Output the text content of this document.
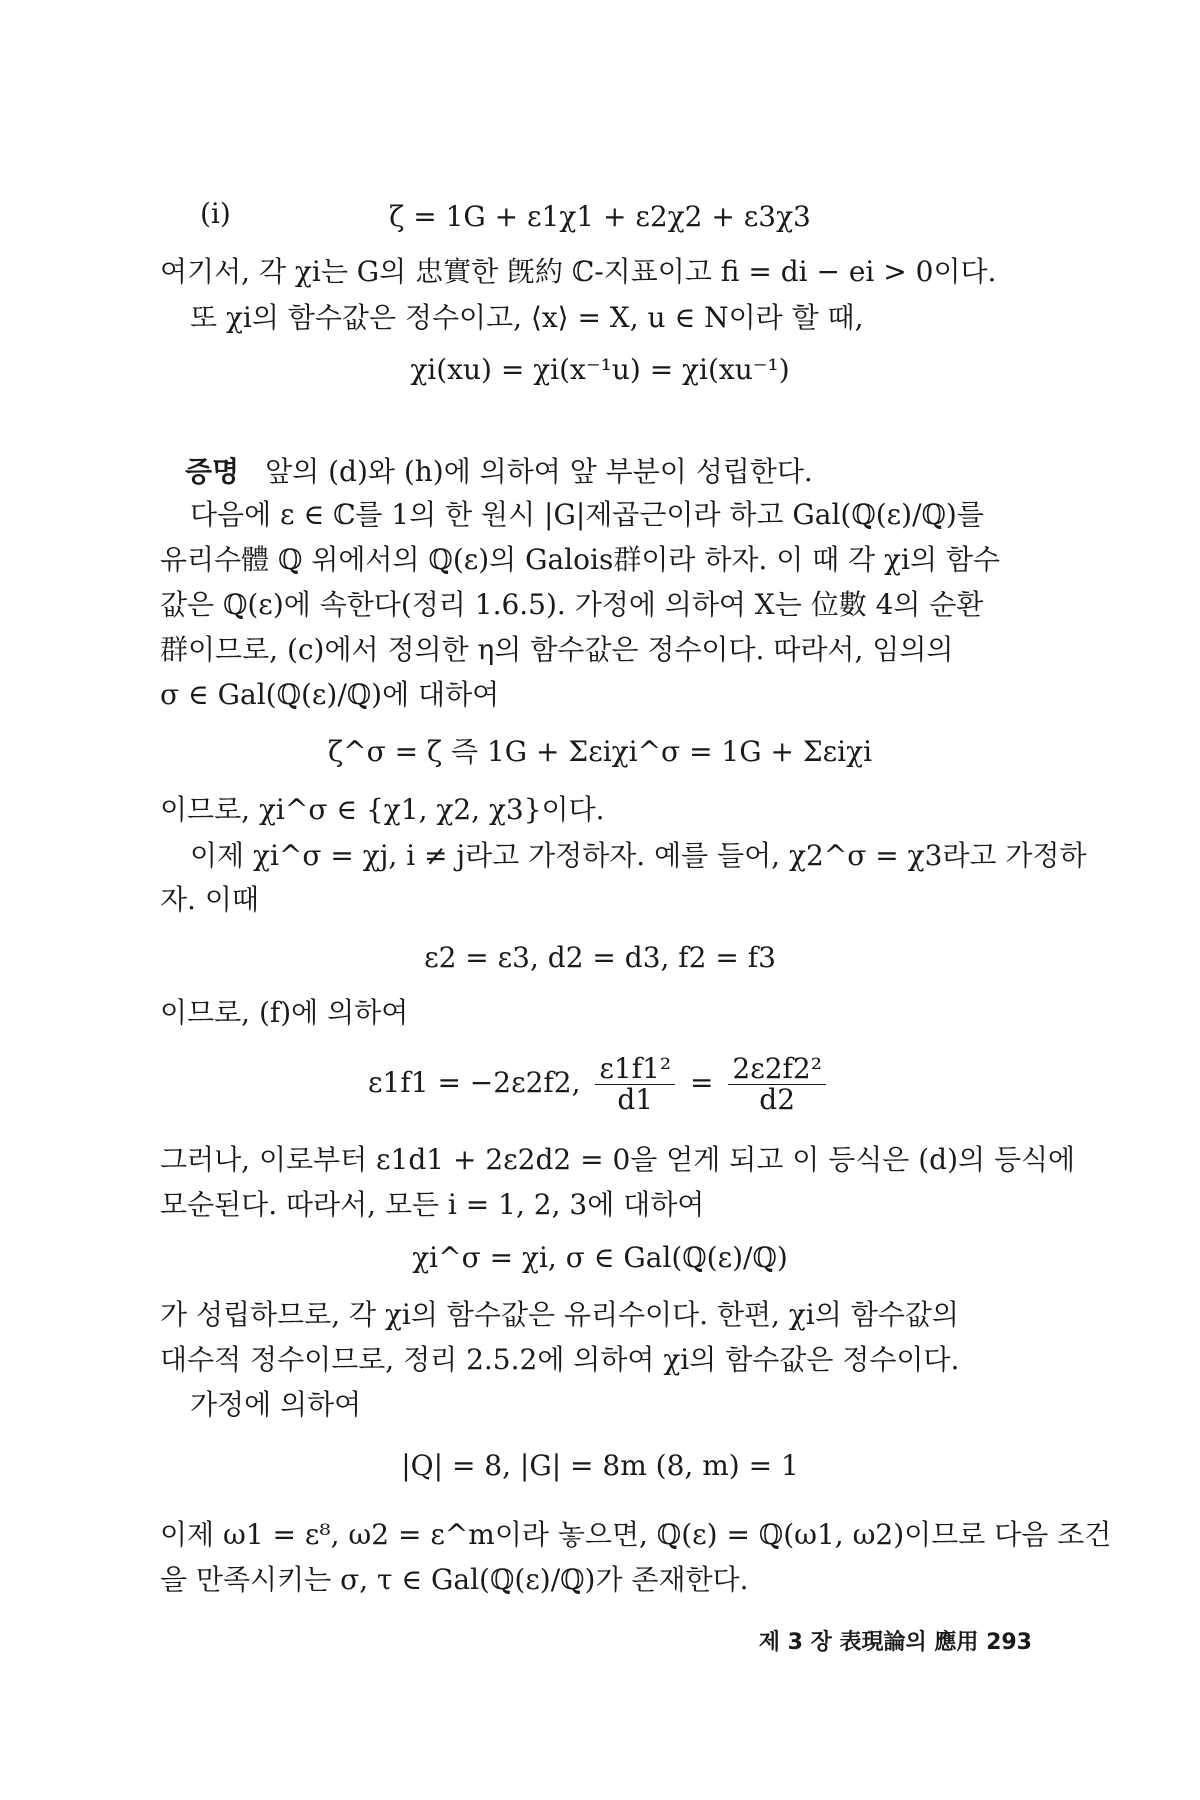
(i)	ζ = 1G + ε1χ1 + ε2χ2 + ε3χ3
여기서, 각 χi는 G의 忠實한 旣約 ℂ-지표이고 fi = di − ei > 0이다.
또 χi의 함수값은 정수이고, ⟨x⟩ = X, u ∈ N이라 할 때,
χi(xu) = χi(x⁻¹u) = χi(xu⁻¹)
증명 앞의 (d)와 (h)에 의하여 앞 부분이 성립한다.
다음에 ε ∈ ℂ를 1의 한 원시 |G|제곱근이라 하고 Gal(ℚ(ε)/ℚ)를
유리수體 ℚ 위에서의 ℚ(ε)의 Galois群이라 하자. 이 때 각 χi의 함수
값은 ℚ(ε)에 속한다(정리 1.6.5). 가정에 의하여 X는 位數 4의 순환
群이므로, (c)에서 정의한 η의 함수값은 정수이다. 따라서, 임의의
σ ∈ Gal(ℚ(ε)/ℚ)에 대하여
ζ^σ = ζ 즉 1G + Σεiχi^σ = 1G + Σεiχi
이므로, χi^σ ∈ {χ1, χ2, χ3}이다.
이제 χi^σ = χj, i ≠ j라고 가정하자. 예를 들어, χ2^σ = χ3라고 가정하
자. 이때
ε2 = ε3, d2 = d3, f2 = f3
이므로, (f)에 의하여
ε1f1 = −2ε2f2, $\frac{\text{ε1f1²}}{d1} = \frac{\text{2ε2f2²}}{d2}$
그러나, 이로부터 ε1d1 + 2ε2d2 = 0을 얻게 되고 이 등식은 (d)의 등식에
모순된다. 따라서, 모든 i = 1, 2, 3에 대하여
χi^σ = χi, σ ∈ Gal(ℚ(ε)/ℚ)
가 성립하므로, 각 χi의 함수값은 유리수이다. 한편, χi의 함수값의
대수적 정수이므로, 정리 2.5.2에 의하여 χi의 함수값은 정수이다.
가정에 의하여
|Q| = 8, |G| = 8m (8, m) = 1
이제 ω1 = ε⁸, ω2 = ε^m이라 놓으면, ℚ(ε) = ℚ(ω1, ω2)이므로 다음 조건
을 만족시키는 σ, τ ∈ Gal(ℚ(ε)/ℚ)가 존재한다.
제 3 장 表現論의 應用 293
